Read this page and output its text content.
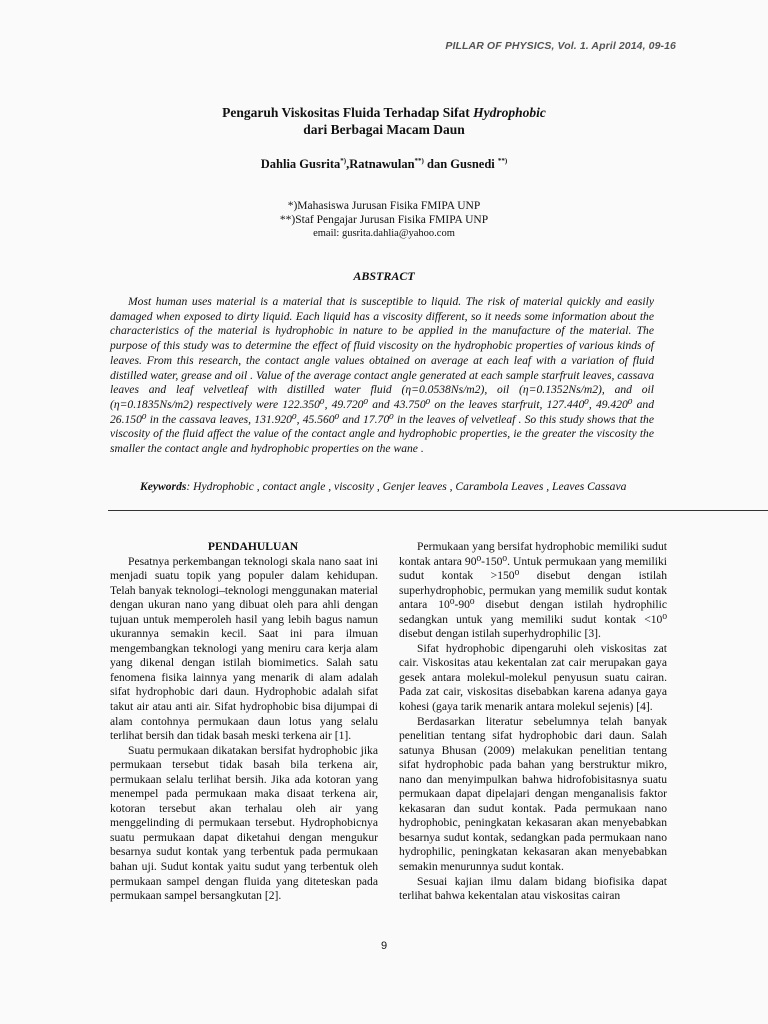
PILLAR OF PHYSICS, Vol. 1. April 2014, 09-16
Pengaruh Viskositas Fluida Terhadap Sifat Hydrophobic
dari Berbagai Macam Daun
Dahlia Gusrita*),Ratnawulan**) dan Gusnedi **)
*)Mahasiswa Jurusan Fisika FMIPA UNP
**)Staf Pengajar Jurusan Fisika FMIPA UNP
email: gusrita.dahlia@yahoo.com
ABSTRACT

Most human uses material is a material that is susceptible to liquid. The risk of material quickly and easily damaged when exposed to dirty liquid. Each liquid has a viscosity different, so it needs some information about the characteristics of the material is hydrophobic in nature to be applied in the manufacture of the material. The purpose of this study was to determine the effect of fluid viscosity on the hydrophobic properties of various kinds of leaves. From this research, the contact angle values obtained on average at each leaf with a variation of fluid distilled water, grease and oil . Value of the average contact angle generated at each sample starfruit leaves, cassava leaves and leaf velvetleaf with distilled water fluid (η=0.0538Ns/m2), oil (η=0.1352Ns/m2), and oil (η=0.1835Ns/m2) respectively were 122.350⁰, 49.720⁰ and 43.750⁰ on the leaves starfruit, 127.440⁰, 49.420⁰ and 26.150⁰ in the cassava leaves, 131.920⁰, 45.560⁰ and 17.70⁰ in the leaves of velvetleaf . So this study shows that the viscosity of the fluid affect the value of the contact angle and hydrophobic properties, ie the greater the viscosity the smaller the contact angle and hydrophobic properties on the wane .

Keywords: Hydrophobic , contact angle , viscosity , Genjer leaves , Carambola Leaves , Leaves Cassava

PENDAHULUAN

Pesatnya perkembangan teknologi skala nano saat ini menjadi suatu topik yang populer dalam kehidupan. Telah banyak teknologi–teknologi menggunakan material dengan ukuran nano yang dibuat oleh para ahli dengan tujuan untuk memperoleh hasil yang lebih bagus namun ukurannya semakin kecil. Saat ini para ilmuan mengembangkan teknologi yang meniru cara kerja alam yang dikenal dengan istilah biomimetics. Salah satu fenomena fisika lainnya yang menarik di alam adalah sifat hydrophobic dari daun. Hydrophobic adalah sifat takut air atau anti air. Sifat hydrophobic bisa dijumpai di alam contohnya permukaan daun lotus yang selalu terlihat bersih dan tidak basah meski terkena air [1].

Suatu permukaan dikatakan bersifat hydrophobic jika permukaan tersebut tidak basah bila terkena air, permukaan selalu terlihat bersih. Jika ada kotoran yang menempel pada permukaan maka disaat terkena air, kotoran tersebut akan terhalau oleh air yang menggelinding di permukaan tersebut. Hydrophobicnya suatu permukaan dapat diketahui dengan mengukur besarnya sudut kontak yang terbentuk pada permukaan bahan uji. Sudut kontak yaitu sudut yang terbentuk oleh permukaan sampel dengan fluida yang diteteskan pada permukaan sampel bersangkutan [2].

Permukaan yang bersifat hydrophobic memiliki sudut kontak antara 90⁰-150⁰. Untuk permukaan yang memiliki sudut kontak >150⁰ disebut dengan istilah superhydrophobic, permukan yang memilik sudut kontak antara 10⁰-90⁰ disebut dengan istilah hydrophilic sedangkan untuk yang memiliki sudut kontak <10⁰ disebut dengan istilah superhydrophilic [3].

Sifat hydrophobic dipengaruhi oleh viskositas zat cair. Viskositas atau kekentalan zat cair merupakan gaya gesek antara molekul-molekul penyusun suatu cairan. Pada zat cair, viskositas disebabkan karena adanya gaya kohesi (gaya tarik menarik antara molekul sejenis) [4].

Berdasarkan literatur sebelumnya telah banyak penelitian tentang sifat hydrophobic dari daun. Salah satunya Bhusan (2009) melakukan penelitian tentang sifat hydrophobic pada bahan yang berstruktur mikro, nano dan menyimpulkan bahwa hidrofobisitasnya suatu permukaan dapat dipelajari dengan menganalisis faktor kekasaran dan sudut kontak. Pada permukaan nano hydrophobic, peningkatan kekasaran akan menyebabkan besarnya sudut kontak, sedangkan pada permukaan nano hydrophilic, peningkatan kekasaran akan menyebabkan semakin menurunnya sudut kontak.

Sesuai kajian ilmu dalam bidang biofisika dapat terlihat bahwa kekentalan atau viskositas cairan

9
